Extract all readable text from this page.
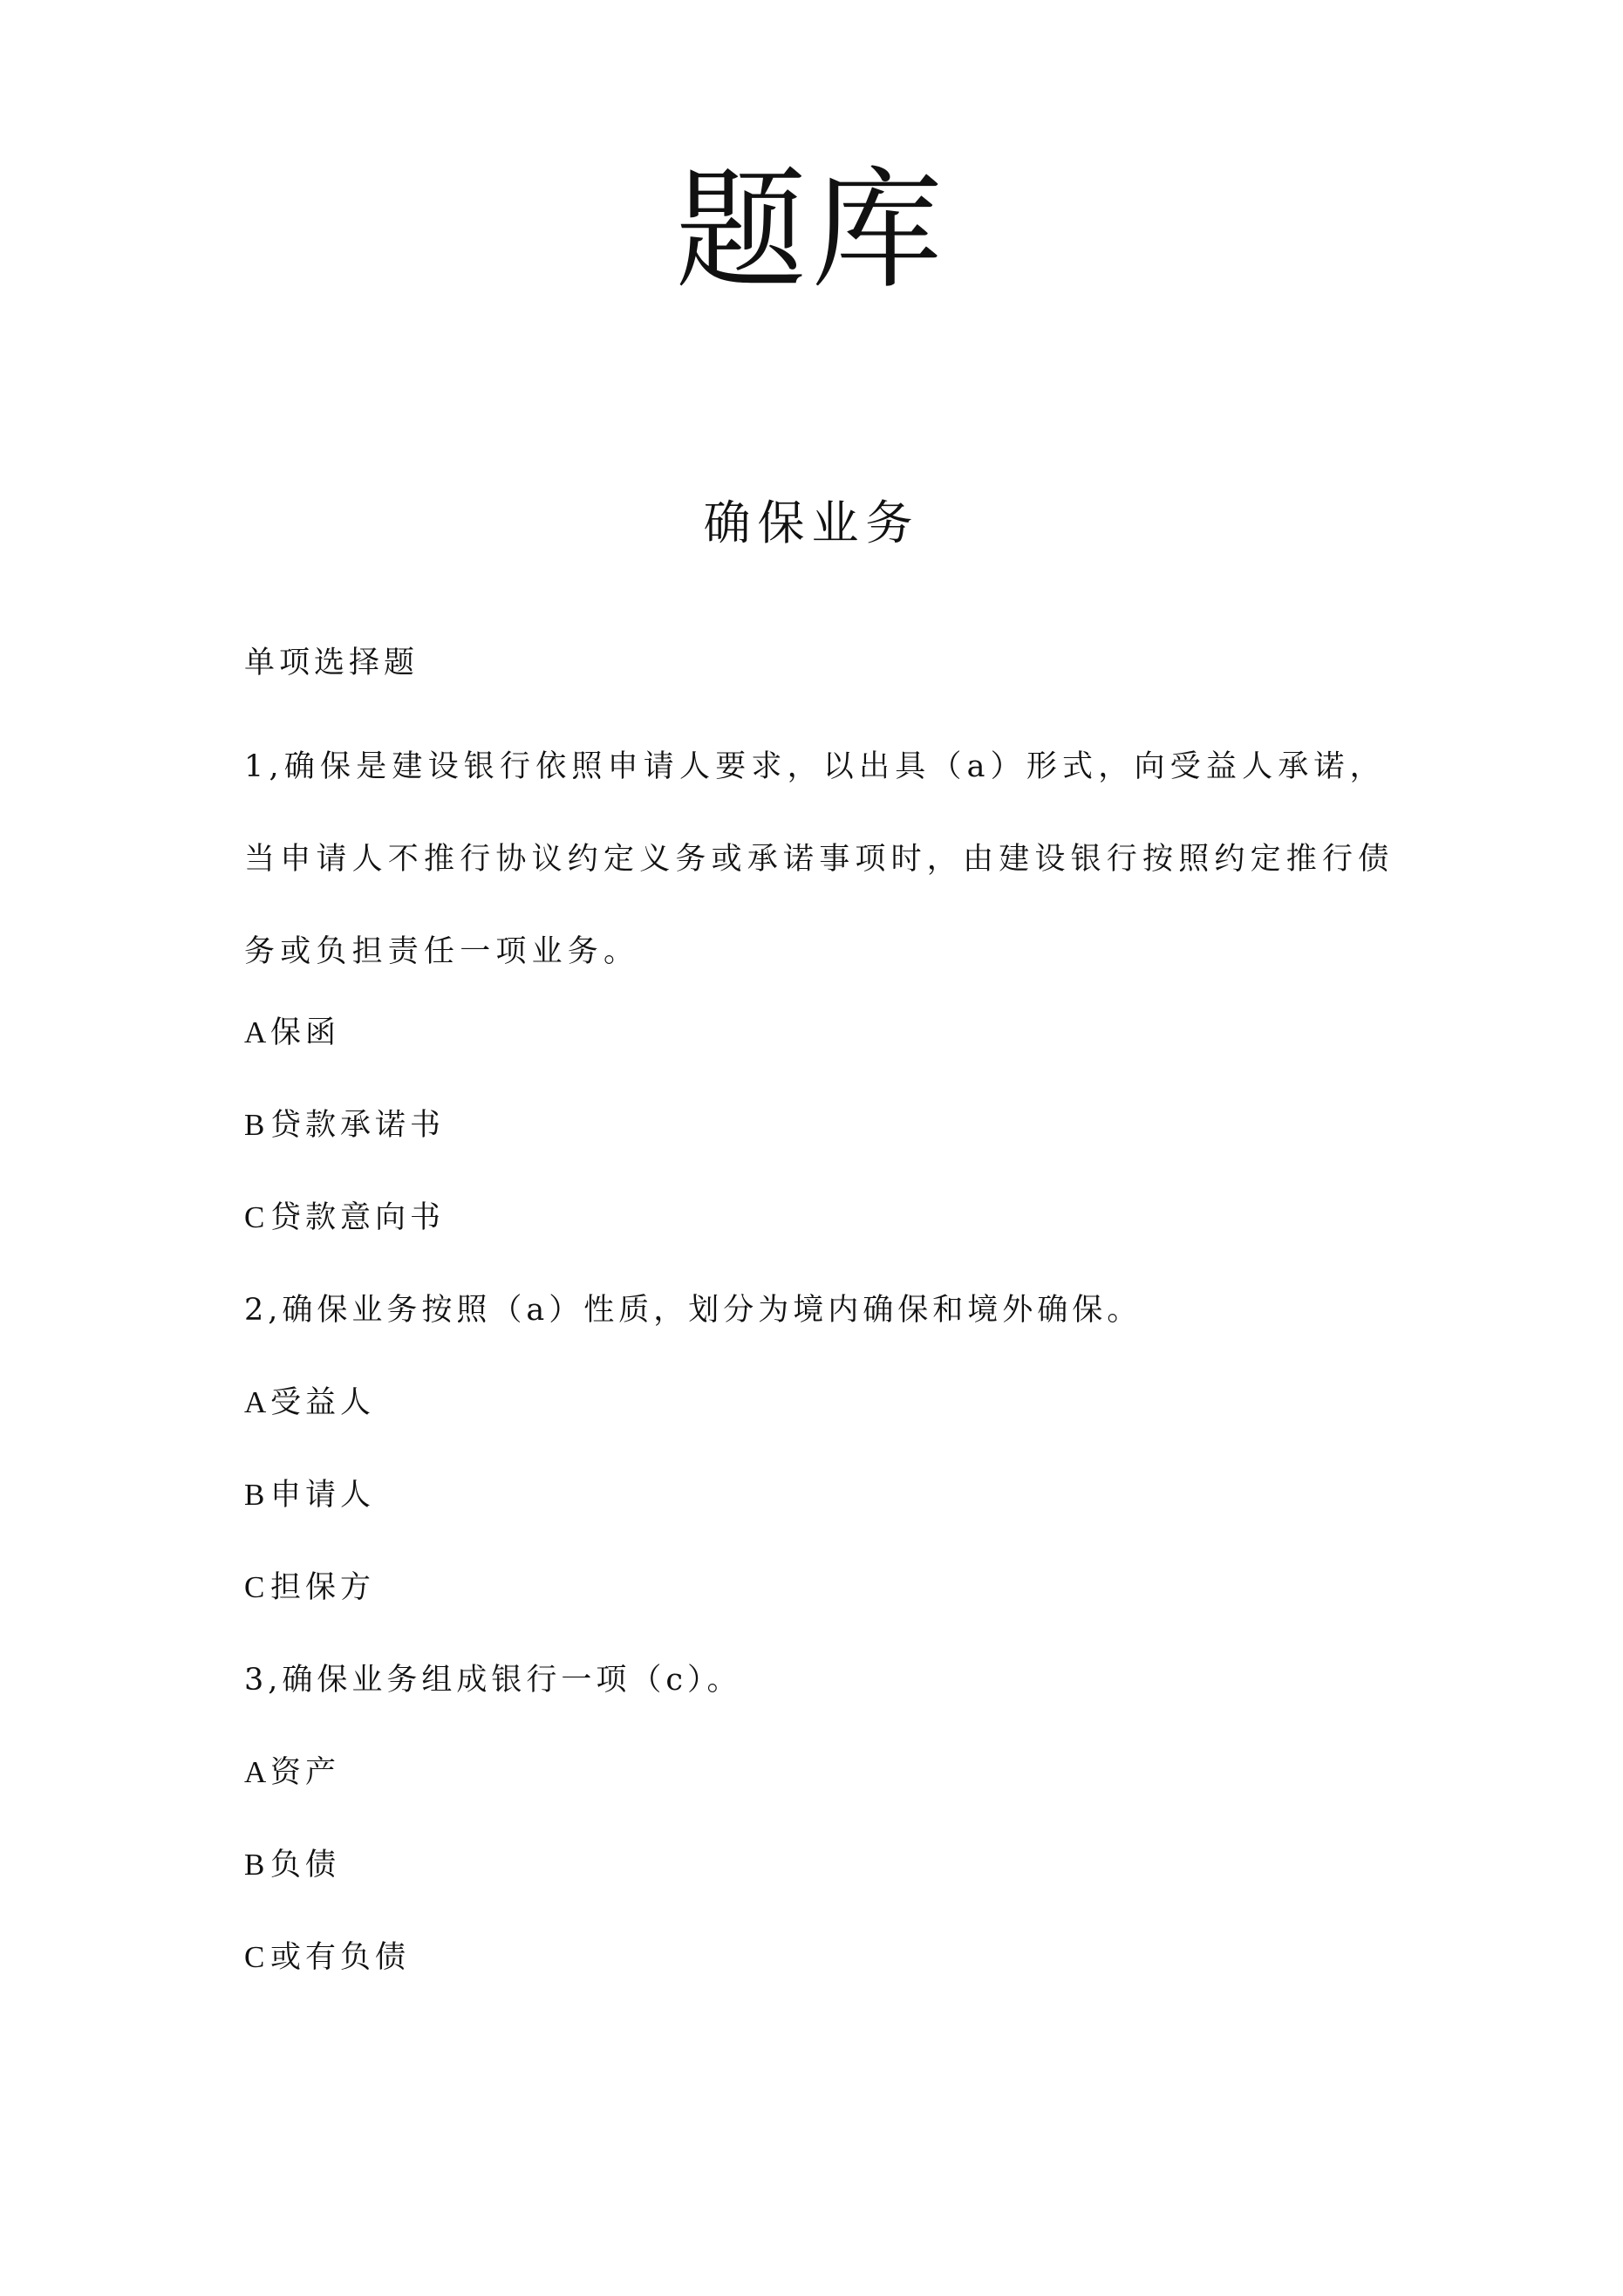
题库
确保业务
单项选择题
1,确保是建设银行依照申请人要求，以出具（a）形式，向受益人承诺，当申请人不推行协议约定义务或承诺事项时，由建设银行按照约定推行债务或负担责任一项业务。
A保函
B贷款承诺书
C贷款意向书
2,确保业务按照（a）性质，划分为境内确保和境外确保。
A受益人
B申请人
C担保方
3,确保业务组成银行一项（c）。
A资产
B负债
C或有负债
